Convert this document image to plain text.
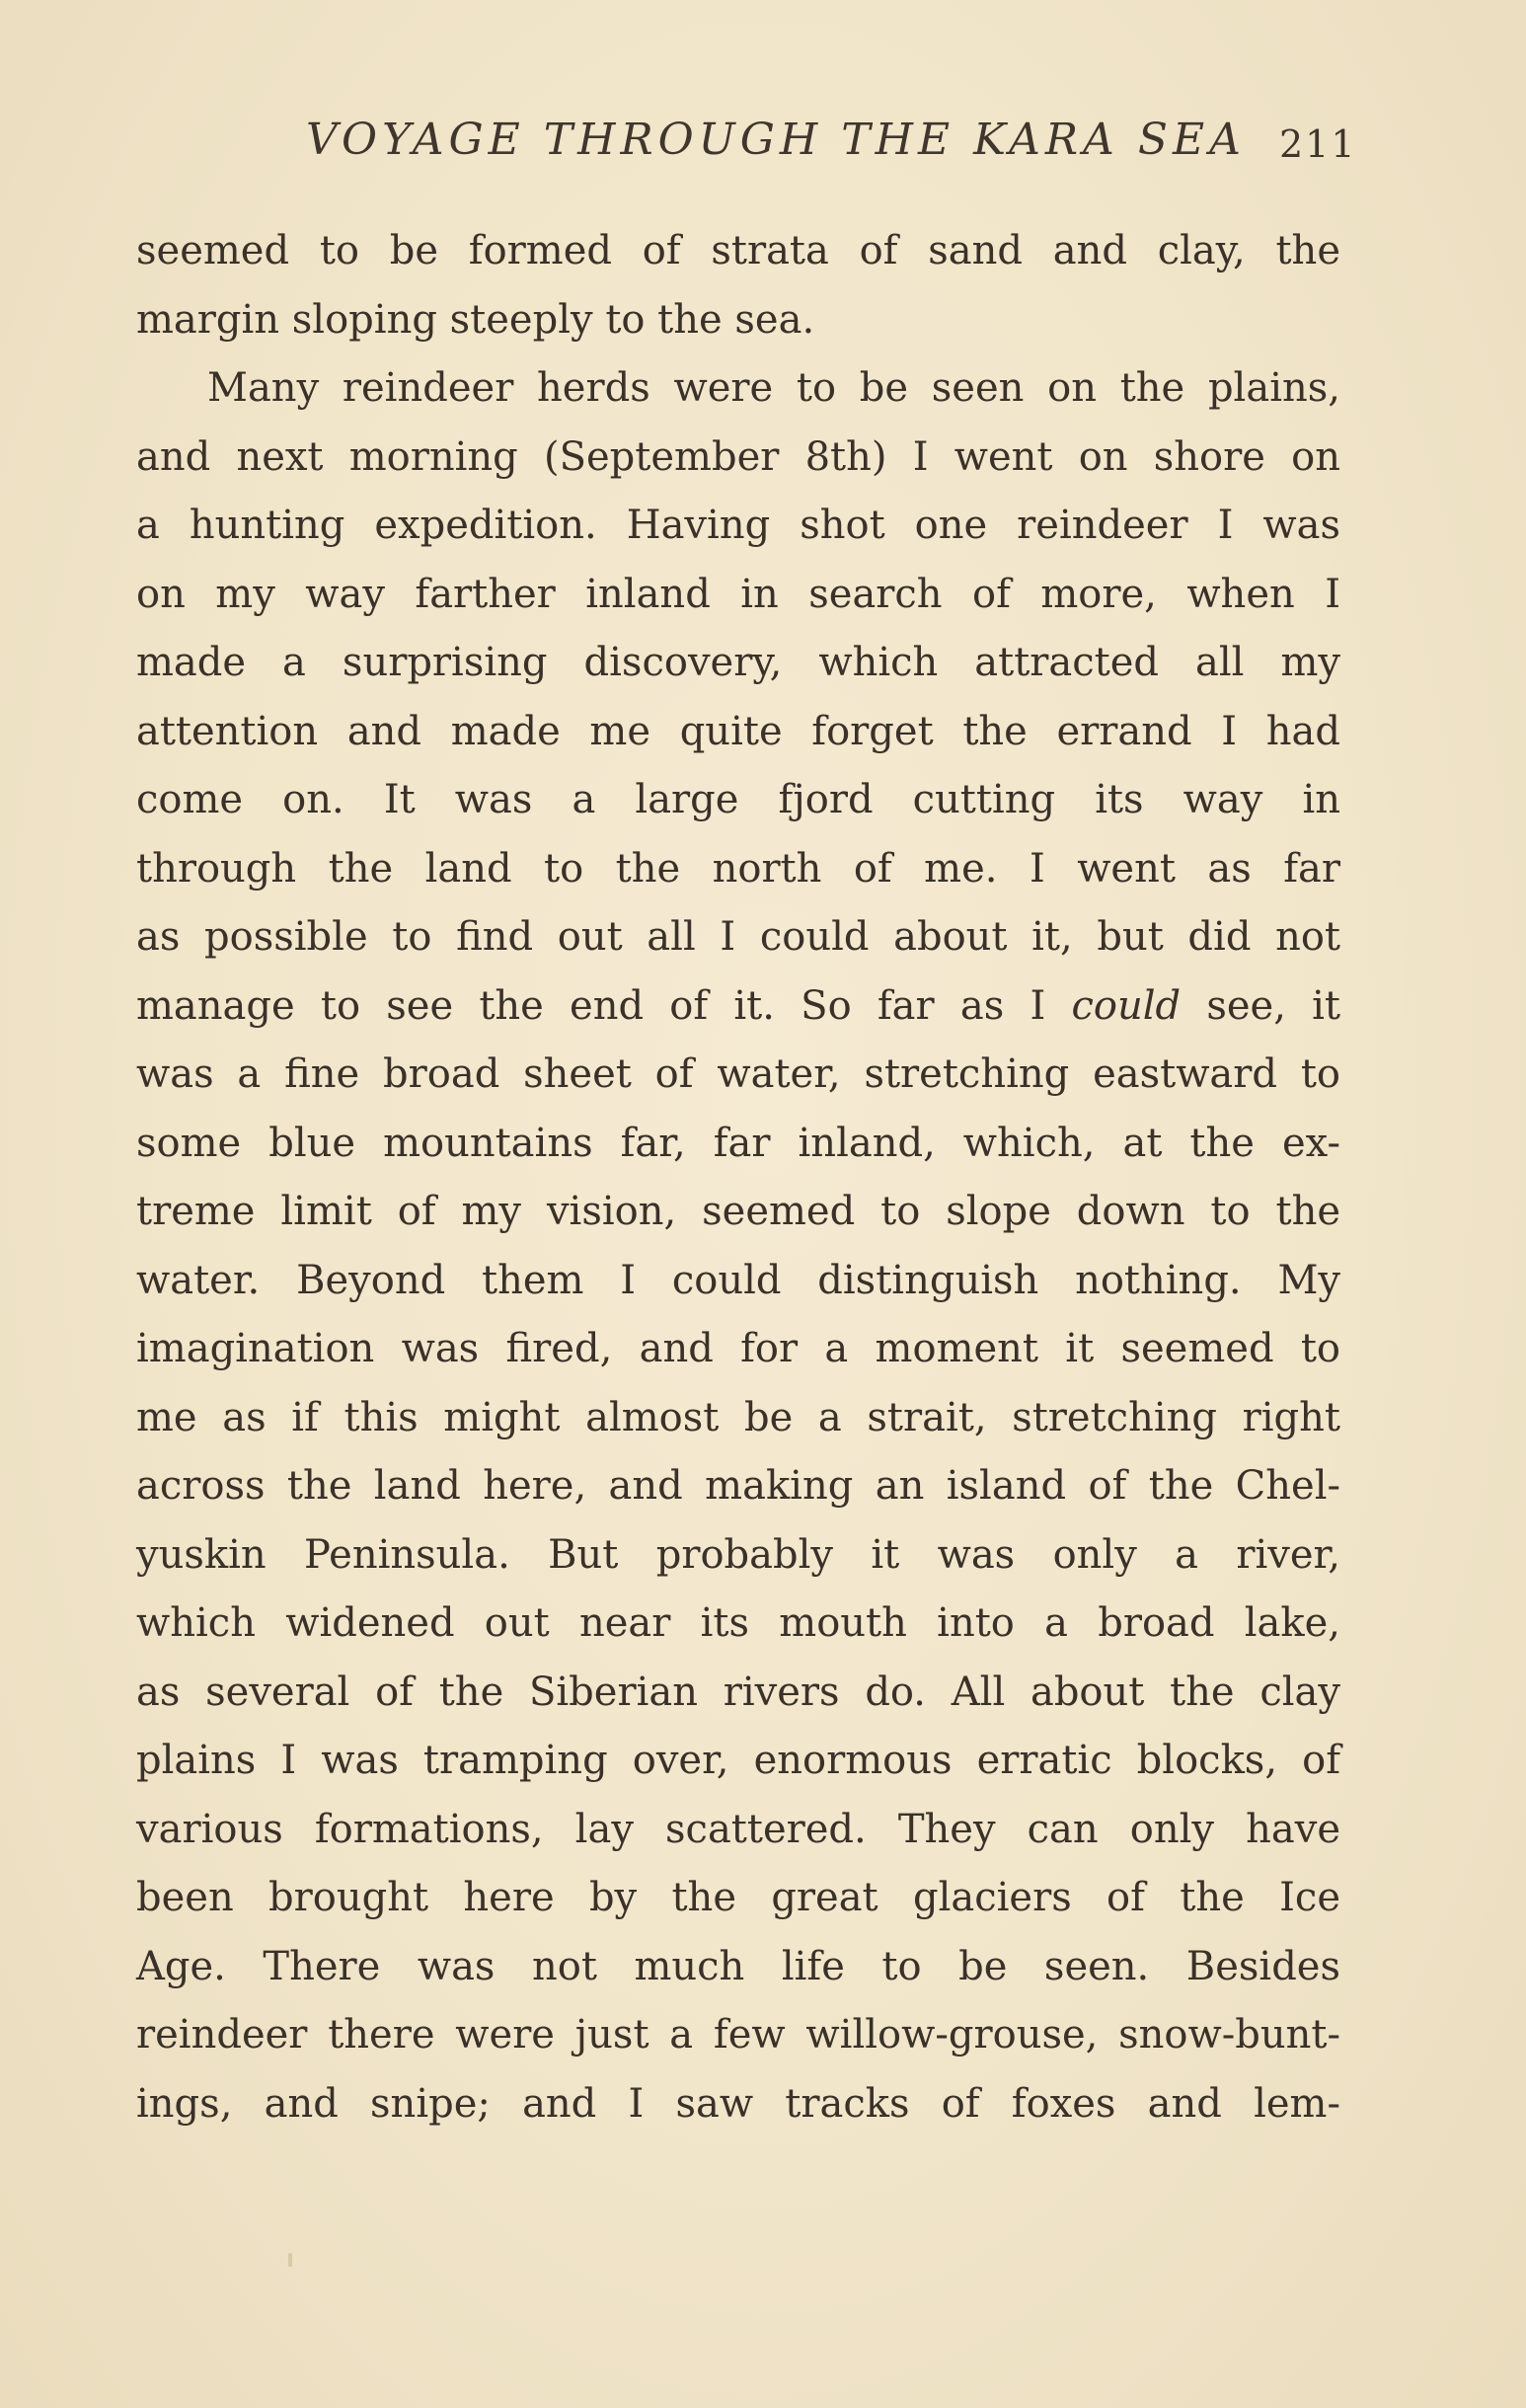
VOYAGE THROUGH THE KARA SEA 211
seemed to be formed of strata of sand and clay, the
margin sloping steeply to the sea.
Many reindeer herds were to be seen on the plains,
and next morning (September 8th) I went on shore on
a hunting expedition. Having shot one reindeer I was
on my way farther inland in search of more, when I
made a surprising discovery, which attracted all my
attention and made me quite forget the errand I had
come on. It was a large fjord cutting its way in
through the land to the north of me. I went as far
as possible to find out all I could about it, but did not
manage to see the end of it. So far as I could see, it
was a fine broad sheet of water, stretching eastward to
some blue mountains far, far inland, which, at the ex-
treme limit of my vision, seemed to slope down to the
water. Beyond them I could distinguish nothing. My
imagination was fired, and for a moment it seemed to
me as if this might almost be a strait, stretching right
across the land here, and making an island of the Chel-
yuskin Peninsula. But probably it was only a river,
which widened out near its mouth into a broad lake,
as several of the Siberian rivers do. All about the clay
plains I was tramping over, enormous erratic blocks, of
various formations, lay scattered. They can only have
been brought here by the great glaciers of the Ice
Age. There was not much life to be seen. Besides
reindeer there were just a few willow-grouse, snow-bunt-
ings, and snipe; and I saw tracks of foxes and lem-
